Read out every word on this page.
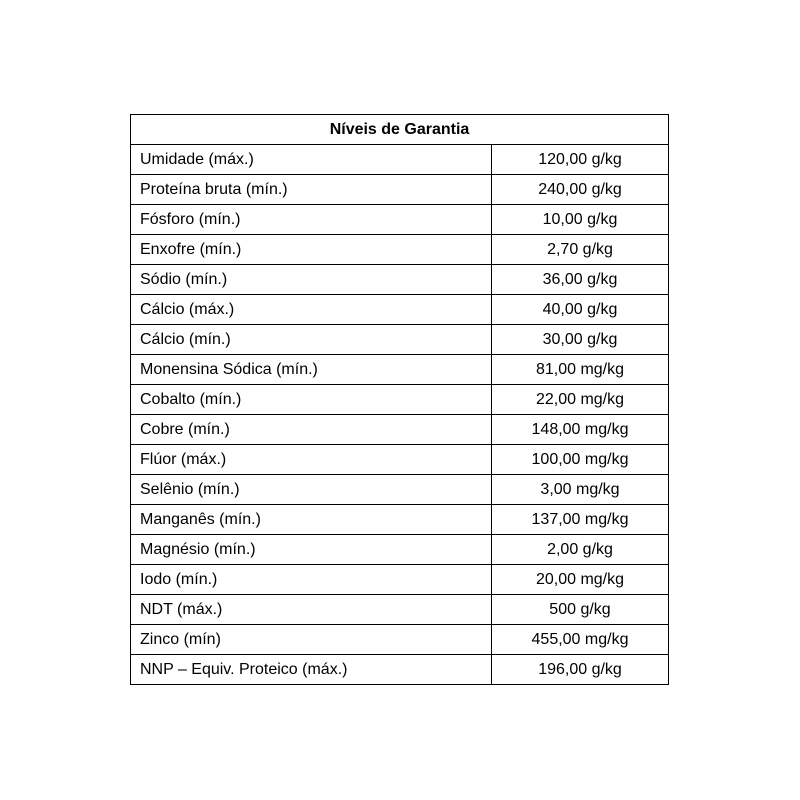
Níveis de Garantia	
Umidade (máx.)	120,00 g/kg
Proteína bruta (mín.)	240,00 g/kg
Fósforo (mín.)	10,00 g/kg
Enxofre (mín.)	2,70 g/kg
Sódio (mín.)	36,00 g/kg
Cálcio (máx.)	40,00 g/kg
Cálcio (mín.)	30,00 g/kg
Monensina Sódica (mín.)	81,00 mg/kg
Cobalto (mín.)	22,00 mg/kg
Cobre (mín.)	148,00 mg/kg
Flúor (máx.)	100,00 mg/kg
Selênio (mín.)	3,00 mg/kg
Manganês (mín.)	137,00 mg/kg
Magnésio (mín.)	2,00 g/kg
Iodo (mín.)	20,00 mg/kg
NDT (máx.)	500 g/kg
Zinco (mín)	455,00 mg/kg
NNP – Equiv. Proteico (máx.)	196,00 g/kg
